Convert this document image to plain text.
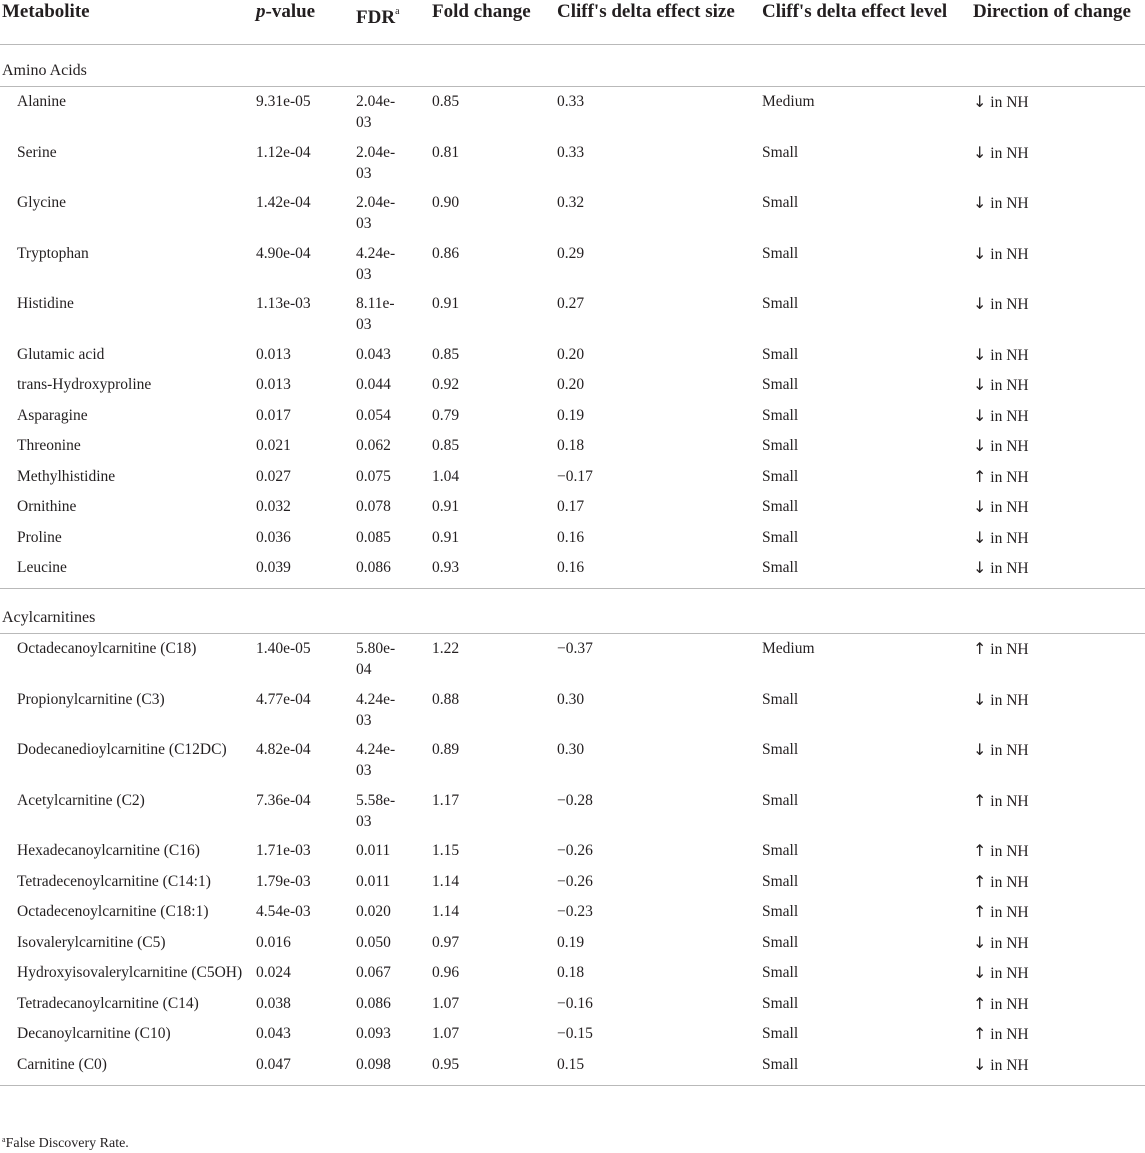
Metabolite	p-value	FDR$^a$	Fold change	Cliff's delta effect size	Cliff's delta effect level	Direction of change
Amino Acids						
Alanine	9.31e-05	2.04e-03	0.85	0.33	Medium	↓ in NH
Serine	1.12e-04	2.04e-03	0.81	0.33	Small	↓ in NH
Glycine	1.42e-04	2.04e-03	0.90	0.32	Small	↓ in NH
Tryptophan	4.90e-04	4.24e-03	0.86	0.29	Small	↓ in NH
Histidine	1.13e-03	8.11e-03	0.91	0.27	Small	↓ in NH
Glutamic acid	0.013	0.043	0.85	0.20	Small	↓ in NH
trans-Hydroxyproline	0.013	0.044	0.92	0.20	Small	↓ in NH
Asparagine	0.017	0.054	0.79	0.19	Small	↓ in NH
Threonine	0.021	0.062	0.85	0.18	Small	↓ in NH
Methylhistidine	0.027	0.075	1.04	−0.17	Small	↑ in NH
Ornithine	0.032	0.078	0.91	0.17	Small	↓ in NH
Proline	0.036	0.085	0.91	0.16	Small	↓ in NH
Leucine	0.039	0.086	0.93	0.16	Small	↓ in NH
Acylcarnitines						
Octadecanoylcarnitine (C18)	1.40e-05	5.80e-04	1.22	−0.37	Medium	↑ in NH
Propionylcarnitine (C3)	4.77e-04	4.24e-03	0.88	0.30	Small	↓ in NH
Dodecanedioylcarnitine (C12DC)	4.82e-04	4.24e-03	0.89	0.30	Small	↓ in NH
Acetylcarnitine (C2)	7.36e-04	5.58e-03	1.17	−0.28	Small	↑ in NH
Hexadecanoylcarnitine (C16)	1.71e-03	0.011	1.15	−0.26	Small	↑ in NH
Tetradecenoylcarnitine (C14:1)	1.79e-03	0.011	1.14	−0.26	Small	↑ in NH
Octadecenoylcarnitine (C18:1)	4.54e-03	0.020	1.14	−0.23	Small	↑ in NH
Isovalerylcarnitine (C5)	0.016	0.050	0.97	0.19	Small	↓ in NH
Hydroxyisovalerylcarnitine (C5OH)	0.024	0.067	0.96	0.18	Small	↓ in NH
Tetradecanoylcarnitine (C14)	0.038	0.086	1.07	−0.16	Small	↑ in NH
Decanoylcarnitine (C10)	0.043	0.093	1.07	−0.15	Small	↑ in NH
Carnitine (C0)	0.047	0.098	0.95	0.15	Small	↓ in NH
$^a$False Discovery Rate.
